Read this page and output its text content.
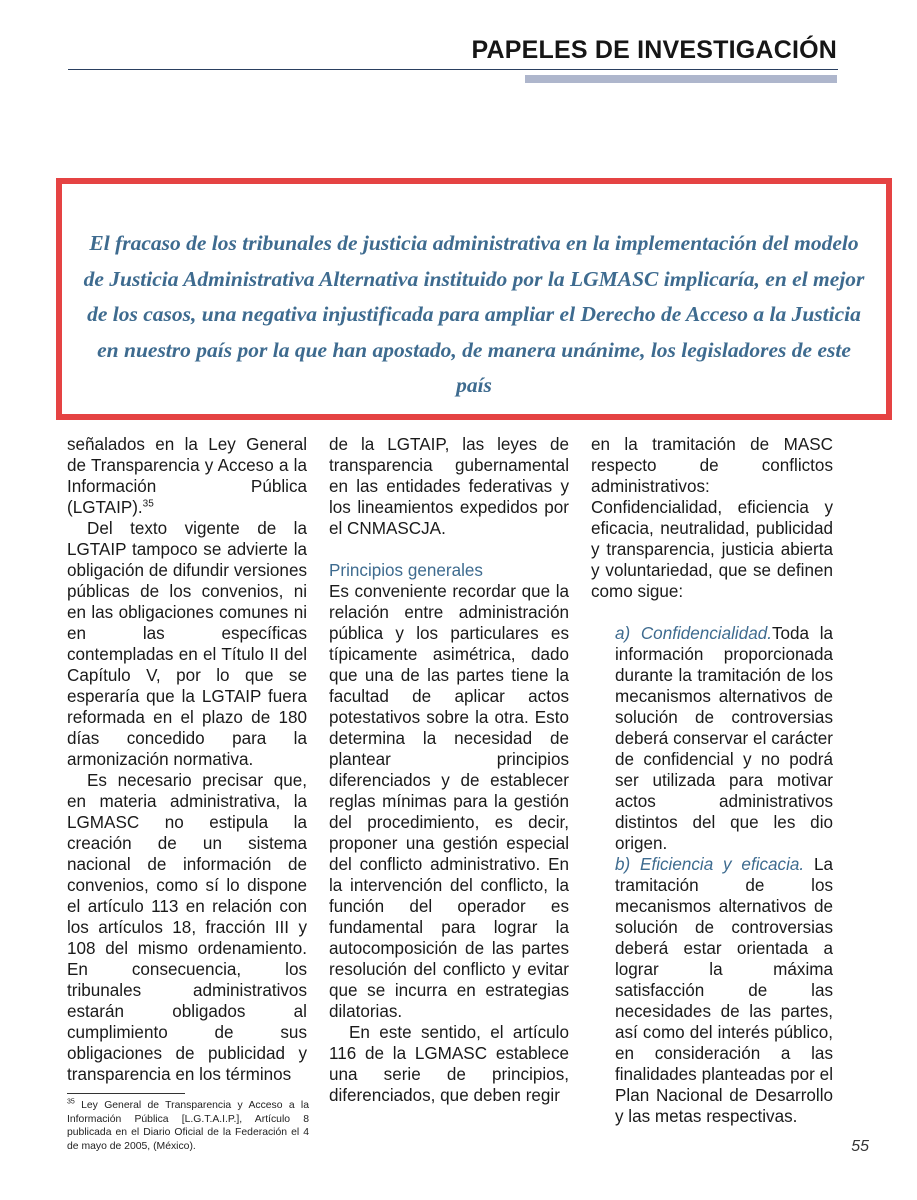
PAPELES DE INVESTIGACIÓN

El fracaso de los tribunales de justicia administrativa en la implementación del modelo de Justicia Administrativa Alternativa instituido por la LGMASC implicaría, en el mejor de los casos, una negativa injustificada para ampliar el Derecho de Acceso a la Justicia en nuestro país por la que han apostado, de manera unánime, los legisladores de este país

señalados en la Ley General de Transparencia y Acceso a la Información Pública (LGTAIP).$^{35}$

Del texto vigente de la LGTAIP tampoco se advierte la obligación de difundir versiones públicas de los convenios, ni en las obligaciones comunes ni en las específicas contempladas en el Título II del Capítulo V, por lo que se esperaría que la LGTAIP fuera reformada en el plazo de 180 días concedido para la armonización normativa.

Es necesario precisar que, en materia administrativa, la LGMASC no estipula la creación de un sistema nacional de información de convenios, como sí lo dispone el artículo 113 en relación con los artículos 18, fracción III y 108 del mismo ordenamiento. En consecuencia, los tribunales administrativos estarán obligados al cumplimiento de sus obligaciones de publicidad y transparencia en los términos

de la LGTAIP, las leyes de transparencia gubernamental en las entidades federativas y los lineamientos expedidos por el CNMASCJA.

Principios generales

Es conveniente recordar que la relación entre administración pública y los particulares es típicamente asimétrica, dado que una de las partes tiene la facultad de aplicar actos potestativos sobre la otra. Esto determina la necesidad de plantear principios diferenciados y de establecer reglas mínimas para la gestión del procedimiento, es decir, proponer una gestión especial del conflicto administrativo. En la intervención del conflicto, la función del operador es fundamental para lograr la autocomposición de las partes resolución del conflicto y evitar que se incurra en estrategias dilatorias.

En este sentido, el artículo 116 de la LGMASC establece una serie de principios, diferenciados, que deben regir

en la tramitación de MASC respecto de conflictos administrativos: Confidencialidad, eficiencia y eficacia, neutralidad, publicidad y transparencia, justicia abierta y voluntariedad, que se definen como sigue:

a) Confidencialidad.Toda la información proporcionada durante la tramitación de los mecanismos alternativos de solución de controversias deberá conservar el carácter de confidencial y no podrá ser utilizada para motivar actos administrativos distintos del que les dio origen.

b) Eficiencia y eficacia. La tramitación de los mecanismos alternativos de solución de controversias deberá estar orientada a lograr la máxima satisfacción de las necesidades de las partes, así como del interés público, en consideración a las finalidades planteadas por el Plan Nacional de Desarrollo y las metas respectivas.

$^{35}$ Ley General de Transparencia y Acceso a la Información Pública [L.G.T.A.I.P.], Artículo 8 publicada en el Diario Oficial de la Federación el 4 de mayo de 2005, (México).	55
